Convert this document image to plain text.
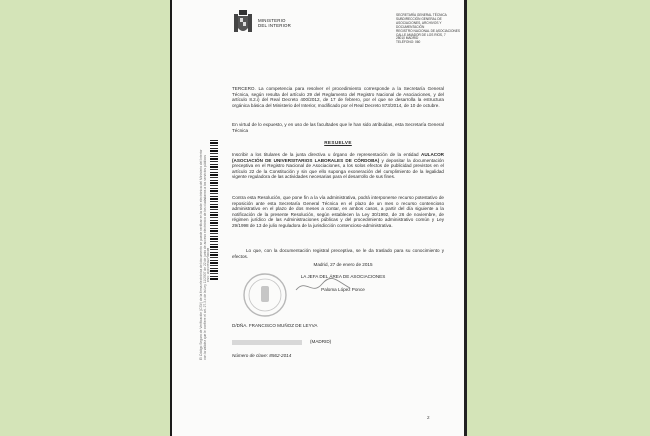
El Código Seguro de Verificación (CSV) de la firma electrónica del documento se puede verificar en la sede electrónica del Ministerio del Interior con la validez que le confiere el art. 27.3.c de la Ley 11/2007 de 22 de junio de acceso electrónico de los ciudadanos a los servicios públicos CSV: 3QCV7NGXYRD4B
MINISTERIO
DEL INTERIOR
SECRETARÍA GENERAL TÉCNICA
SUBDIRECCIÓN GENERAL DE
ASOCIACIONES, ARCHIVOS Y
DOCUMENTACIÓN
REGISTRO NACIONAL DE ASOCIACIONES
CALLE AMADOR DE LOS RÍOS, 7
28010 MADRID
TELÉFONO: 060
TERCERO. La competencia para resolver el procedimiento corresponde a la Secretaría General Técnica, según resulta del artículo 29 del Reglamento del Registro Nacional de Asociaciones, y del artículo 8.2.i) del Real Decreto 400/2012, de 17 de febrero, por el que se desarrolla la estructura orgánica básica del Ministerio del Interior, modificado por el Real Decreto 873/2014, de 10 de octubre.
En virtud de lo expuesto, y en uso de las facultades que le han sido atribuidas, esta Secretaría General Técnica
RESUELVE
Inscribir a los titulares de la junta directiva u órgano de representación de la entidad AULACOR (ASOCIACIÓN DE UNIVERSITARIOS LABORALES DE CÓRDOBA) y depositar la documentación preceptiva en el Registro Nacional de Asociaciones, a los solos efectos de publicidad previstos en el artículo 22 de la Constitución y sin que ello suponga exoneración del cumplimiento de la legalidad vigente reguladora de las actividades necesarias para el desarrollo de sus fines.
Contra esta Resolución, que pone fin a la vía administrativa, podrá interponerse recurso potestativo de reposición ante esta Secretaría General Técnica en el plazo de un mes o recurso contencioso administrativo en el plazo de dos meses a contar, en ambos casos, a partir del día siguiente a la notificación de la presente Resolución, según establecen la Ley 30/1992, de 26 de noviembre, de régimen jurídico de las Administraciones públicas y del procedimiento administrativo común y Ley 29/1998 de 13 de julio reguladora de la jurisdicción contencioso-administrativa.
Lo que, con la documentación registral preceptiva, se le da traslado para su conocimiento y efectos.
Madrid, 27 de enero de 2015
LA JEFA DEL ÁREA DE ASOCIACIONES
Paloma López Ponce
D/DÑA. FRANCISCO MUÑOZ DE LEYVA
(MADRID)
Número de clave: 8562-2014
2
